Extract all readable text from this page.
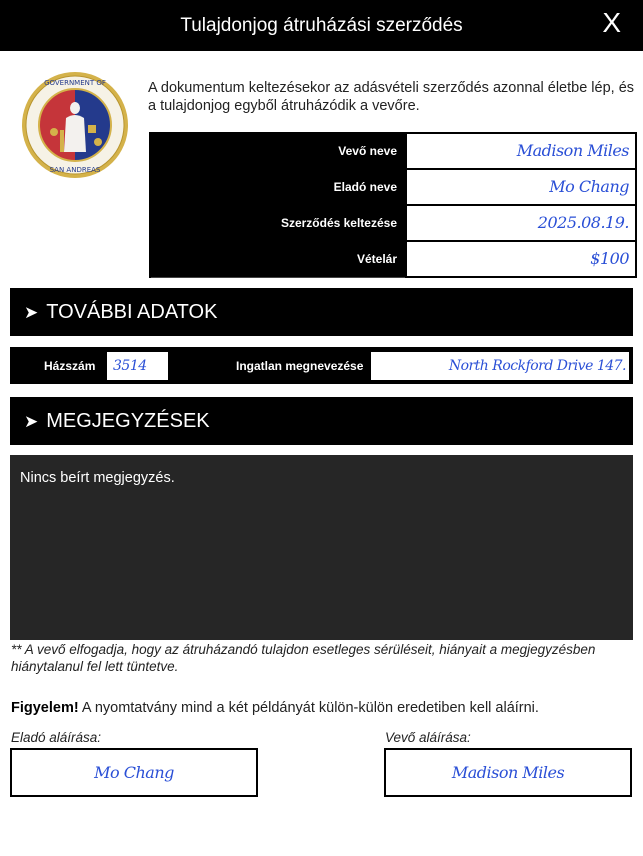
Tulajdonjog átruházási szerződés	X
GOVERNMENT OF
SAN ANDREAS
A dokumentum keltezésekor az adásvételi szerződés azonnal életbe lép, és a tulajdonjog egyből átruházódik a vevőre.
Vevő neve	Madison Miles
Eladó neve	Mo Chang
Szerződés keltezése	2025.08.19.
Vételár	$100
➤ TOVÁBBI ADATOK
Házszám	3514	Ingatlan megnevezése	North Rockford Drive 147.
➤ MEGJEGYZÉSEK
Nincs beírt megjegyzés.
** A vevő elfogadja, hogy az átruházandó tulajdon esetleges sérüléseit, hiányait a megjegyzésben hiánytalanul fel lett tüntetve.
Figyelem! A nyomtatvány mind a két példányát külön-külön eredetiben kell aláírni.
Eladó aláírása:
Mo Chang
Vevő aláírása:
Madison Miles
